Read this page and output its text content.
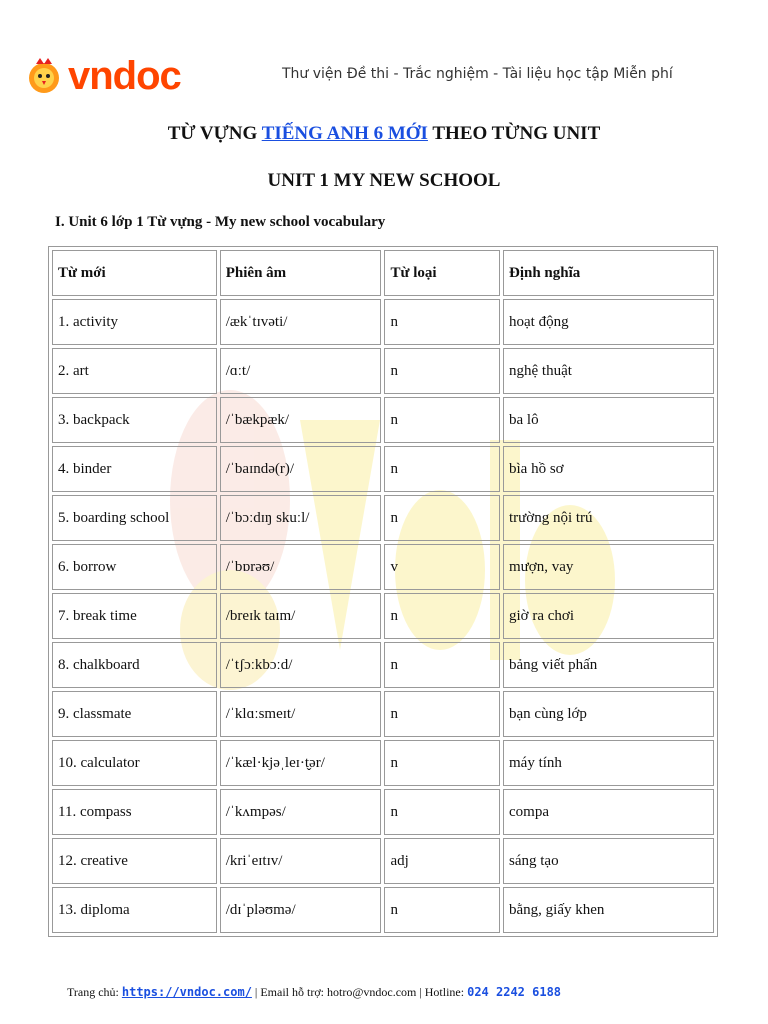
vndoc	Thư viện Đề thi - Trắc nghiệm - Tài liệu học tập Miễn phí
TỪ VỰNG TIẾNG ANH 6 MỚI THEO TỪNG UNIT
UNIT 1 MY NEW SCHOOL
I. Unit 6 lớp 1 Từ vựng - My new school vocabulary
Từ mới	Phiên âm	Từ loại	Định nghĩa
1. activity	/ækˈtɪvəti/	n	hoạt động
2. art	/ɑːt/	n	nghệ thuật
3. backpack	/ˈbækpæk/	n	ba lô
4. binder	/ˈbaɪndə(r)/	n	bìa hồ sơ
5. boarding school	/ˈbɔːdɪŋ skuːl/	n	trường nội trú
6. borrow	/ˈbɒrəʊ/	v	mượn, vay
7. break time	/breɪk taɪm/	n	giờ ra chơi
8. chalkboard	/ˈtʃɔːkbɔːd/	n	bảng viết phấn
9. classmate	/ˈklɑːsmeɪt/	n	bạn cùng lớp
10. calculator	/ˈkæl·kjəˌleɪ·t̬ər/	n	máy tính
11. compass	/ˈkʌmpəs/	n	compa
12. creative	/kriˈeɪtɪv/	adj	sáng tạo
13. diploma	/dɪˈpləʊmə/	n	bằng, giấy khen
Trang chủ: https://vndoc.com/ | Email hỗ trợ: hotro@vndoc.com | Hotline: 024 2242 6188
